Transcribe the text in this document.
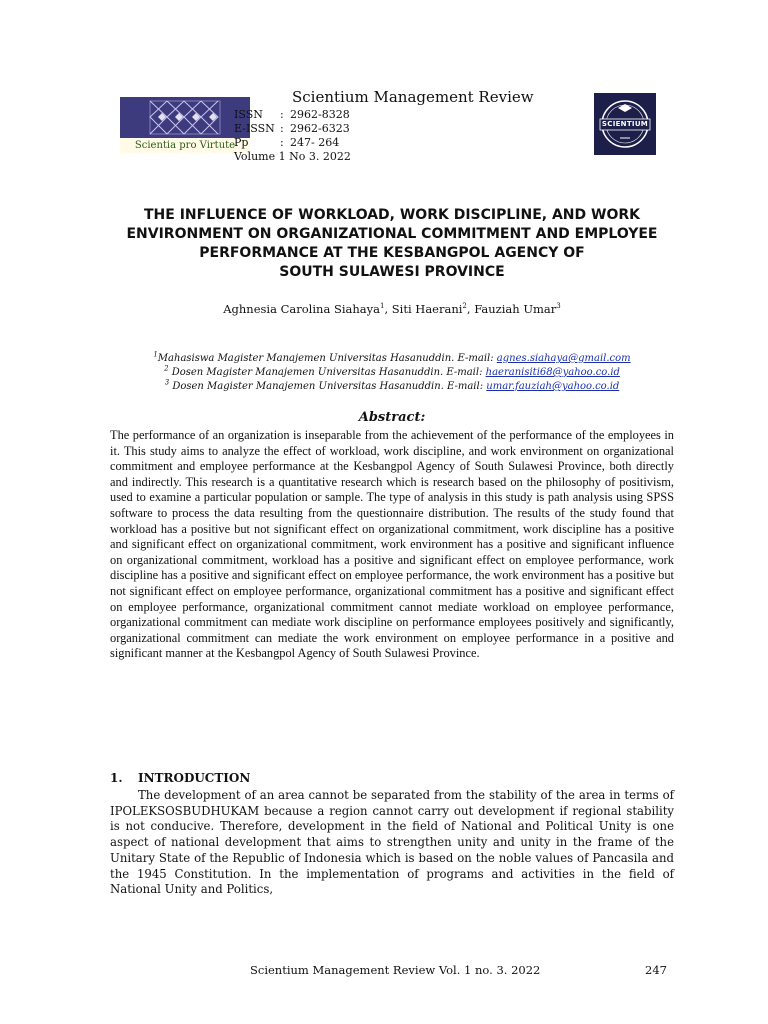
Scientia pro Virtute
Scientium Management Review
ISSN : 2962-8328
E-ISSN : 2962-6323
Pp	: 247- 264
Volume 1 No 3. 2022
SCIENTIUM
THE INFLUENCE OF WORKLOAD, WORK DISCIPLINE, AND WORK
ENVIRONMENT ON ORGANIZATIONAL COMMITMENT AND EMPLOYEE
PERFORMANCE AT THE KESBANGPOL AGENCY OF
SOUTH SULAWESI PROVINCE
Aghnesia Carolina Siahaya$^1$, Siti Haerani$^2$, Fauziah Umar$^3$
$^1$Mahasiswa Magister Manajemen Universitas Hasanuddin. E-mail: agnes.siahaya@gmail.com
$^2$ Dosen Magister Manajemen Universitas Hasanuddin. E-mail: haeranisiti68@yahoo.co.id
$^3$ Dosen Magister Manajemen Universitas Hasanuddin. E-mail: umar.fauziah@yahoo.co.id
Abstract:
The performance of an organization is inseparable from the achievement of the performance of the employees in it. This study aims to analyze the effect of workload, work discipline, and work environment on organizational commitment and employee performance at the Kesbangpol Agency of South Sulawesi Province, both directly and indirectly. This research is a quantitative research which is research based on the philosophy of positivism, used to examine a particular population or sample. The type of analysis in this study is path analysis using SPSS software to process the data resulting from the questionnaire distribution. The results of the study found that workload has a positive but not significant effect on organizational commitment, work discipline has a positive and significant effect on organizational commitment, work environment has a positive and significant influence on organizational commitment, workload has a positive and significant effect on employee performance, work discipline has a positive and significant effect on employee performance, the work environment has a positive but not significant effect on employee performance, organizational commitment has a positive and significant effect on employee performance, organizational commitment cannot mediate workload on employee performance, organizational commitment can mediate work discipline on performance employees positively and significantly, organizational commitment can mediate the work environment on employee performance in a positive and significant manner at the Kesbangpol Agency of South Sulawesi Province.
1. INTRODUCTION
The development of an area cannot be separated from the stability of the area in terms of IPOLEKSOSBUDHUKAM because a region cannot carry out development if regional stability is not conducive. Therefore, development in the field of National and Political Unity is one aspect of national development that aims to strengthen unity and unity in the frame of the Unitary State of the Republic of Indonesia which is based on the noble values of Pancasila and the 1945 Constitution. In the implementation of programs and activities in the field of National Unity and Politics,
Scientium Management Review Vol. 1 no. 3. 2022	247
